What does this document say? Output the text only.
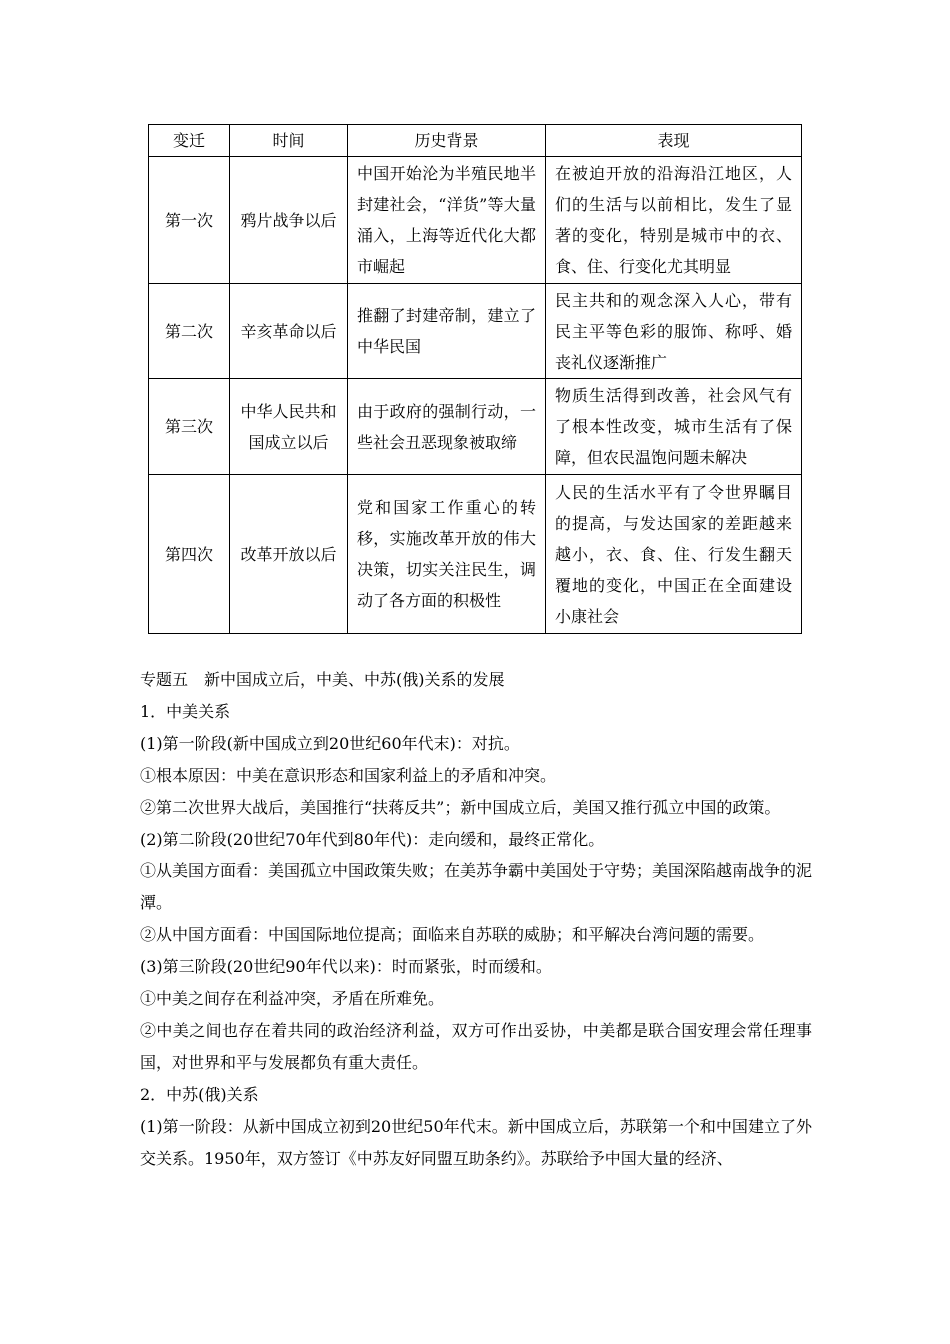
变迁	时间	历史背景	表现
第一次	鸦片战争以后	中国开始沦为半殖民地半封建社会，“洋货”等大量涌入，上海等近代化大都市崛起	在被迫开放的沿海沿江地区，人们的生活与以前相比，发生了显著的变化，特别是城市中的衣、食、住、行变化尤其明显
第二次	辛亥革命以后	推翻了封建帝制，建立了中华民国	民主共和的观念深入人心，带有民主平等色彩的服饰、称呼、婚丧礼仪逐渐推广
第三次	中华人民共和国成立以后	由于政府的强制行动，一些社会丑恶现象被取缔	物质生活得到改善，社会风气有了根本性改变，城市生活有了保障，但农民温饱问题未解决
第四次	改革开放以后	党和国家工作重心的转移，实施改革开放的伟大决策，切实关注民生，调动了各方面的积极性	人民的生活水平有了令世界瞩目的提高，与发达国家的差距越来越小，衣、食、住、行发生翻天覆地的变化，中国正在全面建设小康社会

专题五　新中国成立后，中美、中苏(俄)关系的发展

1．中美关系

(1)第一阶段(新中国成立到20世纪60年代末)：对抗。

①根本原因：中美在意识形态和国家利益上的矛盾和冲突。

②第二次世界大战后，美国推行“扶蒋反共”；新中国成立后，美国又推行孤立中国的政策。

(2)第二阶段(20世纪70年代到80年代)：走向缓和，最终正常化。

①从美国方面看：美国孤立中国政策失败；在美苏争霸中美国处于守势；美国深陷越南战争的泥潭。

②从中国方面看：中国国际地位提高；面临来自苏联的威胁；和平解决台湾问题的需要。

(3)第三阶段(20世纪90年代以来)：时而紧张，时而缓和。

①中美之间存在利益冲突，矛盾在所难免。

②中美之间也存在着共同的政治经济利益，双方可作出妥协，中美都是联合国安理会常任理事国，对世界和平与发展都负有重大责任。

2．中苏(俄)关系

(1)第一阶段：从新中国成立初到20世纪50年代末。新中国成立后，苏联第一个和中国建立了外交关系。1950年，双方签订《中苏友好同盟互助条约》。苏联给予中国大量的经济、
